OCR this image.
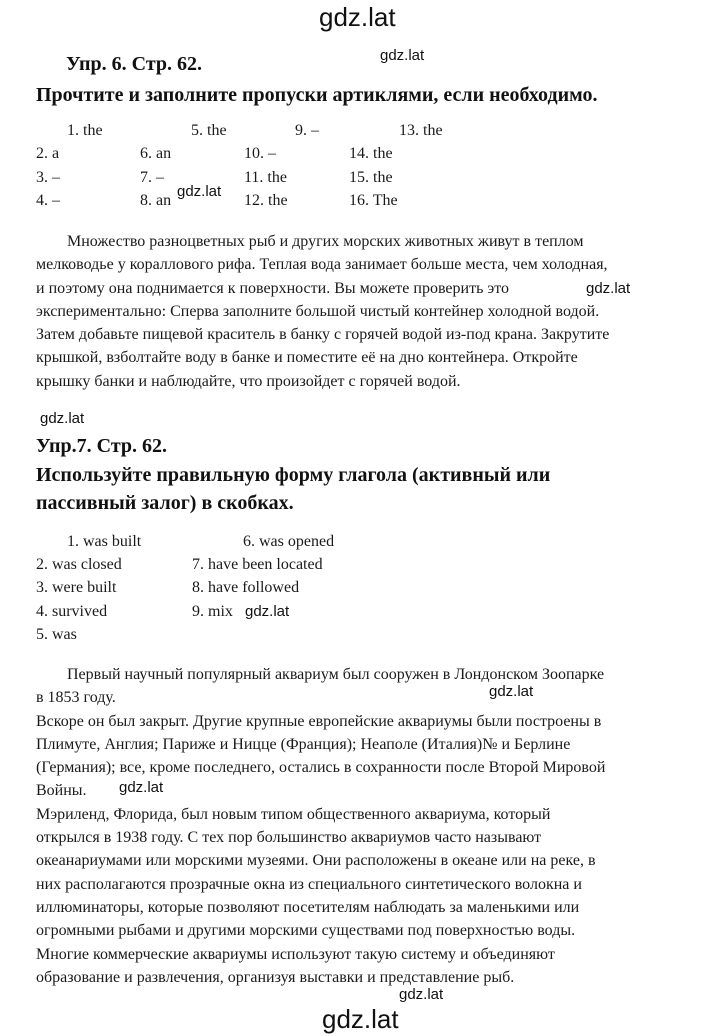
gdz.lat
gdz.lat
gdz.lat
gdz.lat
gdz.lat
gdz.lat
gdz.lat
gdz.lat
gdz.lat
gdz.lat
Упр. 6. Стр. 62.
Прочтите и заполните пропуски артиклями, если необходимо.
1. the	5. the	9. –	13. the
2. a	6. an	10. –	14. the
3. –	7. –	11. the	15. the
4. –	8. an	12. the	16. The
Множество разноцветных рыб и других морских животных живут в теплом
мелководье у кораллового рифа. Теплая вода занимает больше места, чем холодная,
и поэтому она поднимается к поверхности. Вы можете проверить это
экспериментально: Сперва заполните большой чистый контейнер холодной водой.
Затем добавьте пищевой краситель в банку с горячей водой из-под крана. Закрутите
крышкой, взболтайте воду в банке и поместите её на дно контейнера. Откройте
крышку банки и наблюдайте, что произойдет с горячей водой.
Упр.7. Стр. 62.
Используйте правильную форму глагола (активный или
пассивный залог) в скобках.
1. was built	6. was opened
2. was closed	7. have been located
3. were built	8. have followed
4. survived	9. mix
5. was
Первый научный популярный аквариум был сооружен в Лондонском Зоопарке
в 1853 году.
Вскоре он был закрыт. Другие крупные европейские аквариумы были построены в
Плимуте, Англия; Париже и Ницце (Франция); Неаполе (Италия)№ и Берлине
(Германия); все, кроме последнего, остались в сохранности после Второй Мировой
Войны.
Мэриленд, Флорида, был новым типом общественного аквариума, который
открылся в 1938 году. С тех пор большинство аквариумов часто называют
океанариумами или морскими музеями. Они расположены в океане или на реке, в
них располагаются прозрачные окна из специального синтетического волокна и
иллюминаторы, которые позволяют посетителям наблюдать за маленькими или
огромными рыбами и другими морскими существами под поверхностью воды.
Многие коммерческие аквариумы используют такую систему и объединяют
образование и развлечения, организуя выставки и представление рыб.
